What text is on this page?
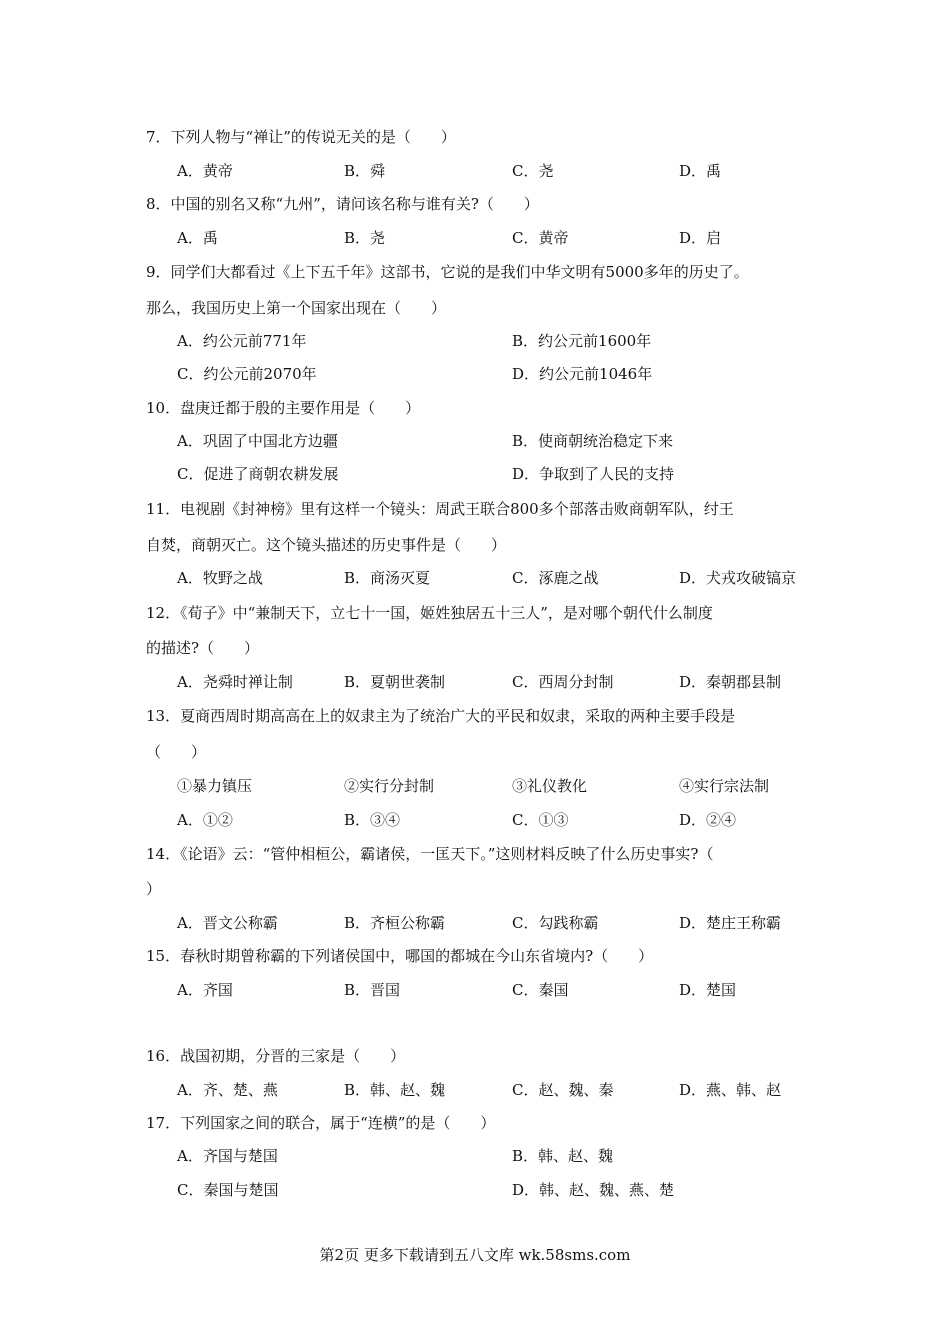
7．下列人物与“禅让”的传说无关的是（　　）
A．黄帝	B．舜	C．尧	D．禹
8．中国的别名又称“九州”，请问该名称与谁有关?（　　）
A．禹	B．尧	C．黄帝	D．启
9．同学们大都看过《上下五千年》这部书，它说的是我们中华文明有5000多年的历史了。
那么，我国历史上第一个国家出现在（　　）
A．约公元前771年	B．约公元前1600年
C．约公元前2070年	D．约公元前1046年
10．盘庚迁都于殷的主要作用是（　　）
A．巩固了中国北方边疆	B．使商朝统治稳定下来
C．促进了商朝农耕发展	D．争取到了人民的支持
11．电视剧《封神榜》里有这样一个镜头：周武王联合800多个部落击败商朝军队，纣王
自焚，商朝灭亡。这个镜头描述的历史事件是（　　）
A．牧野之战	B．商汤灭夏	C．涿鹿之战	D．犬戎攻破镐京
12．《荀子》中“兼制天下，立七十一国，姬姓独居五十三人”，是对哪个朝代什么制度
的描述?（　　）
A．尧舜时禅让制	B．夏朝世袭制	C．西周分封制	D．秦朝郡县制
13．夏商西周时期高高在上的奴隶主为了统治广大的平民和奴隶，采取的两种主要手段是
（　　）
①暴力镇压	②实行分封制	③礼仪教化	④实行宗法制
A．①②	B．③④	C．①③	D．②④
14．《论语》云：“管仲相桓公，霸诸侯，一匡天下。”这则材料反映了什么历史事实?（
）
A．晋文公称霸	B．齐桓公称霸	C．勾践称霸	D．楚庄王称霸
15．春秋时期曾称霸的下列诸侯国中，哪国的都城在今山东省境内?（　　）
A．齐国	B．晋国	C．秦国	D．楚国
16．战国初期，分晋的三家是（　　）
A．齐、楚、燕	B．韩、赵、魏	C．赵、魏、秦	D．燕、韩、赵
17．下列国家之间的联合，属于“连横”的是（　　）
A．齐国与楚国	B．韩、赵、魏
C．秦国与楚国	D．韩、赵、魏、燕、楚
第2页 更多下载请到五八文库 wk.58sms.com
